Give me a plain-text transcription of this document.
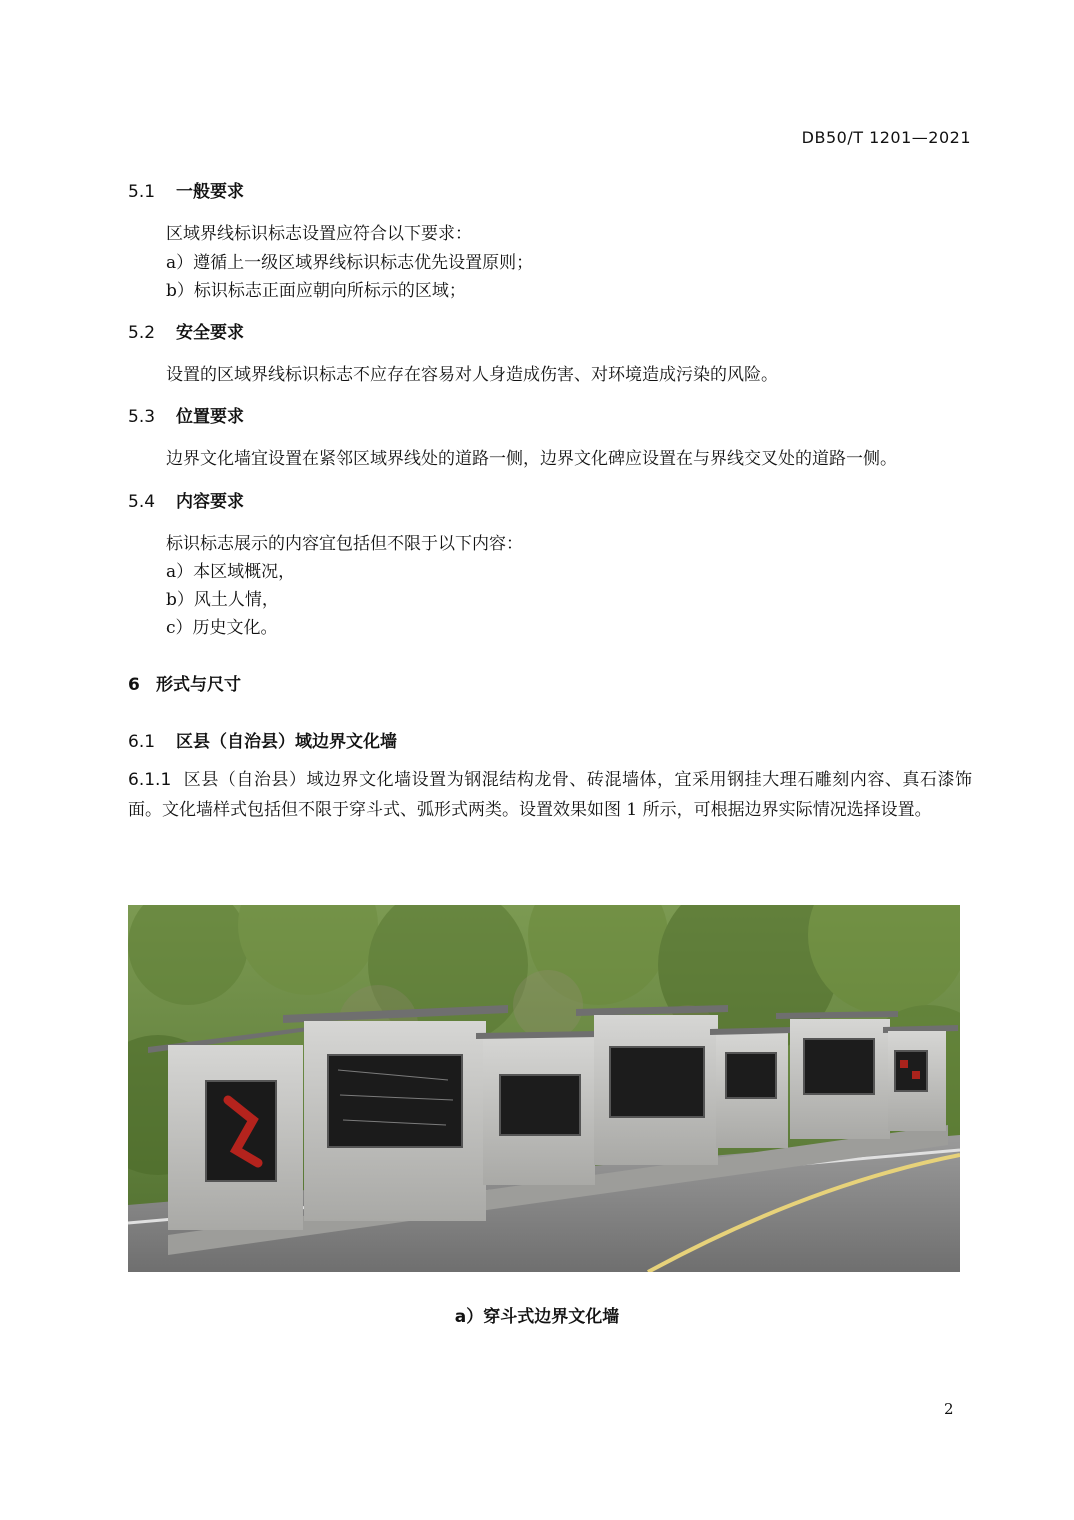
DB50/T 1201—2021
5.1 一般要求
区域界线标识标志设置应符合以下要求：
a）遵循上一级区域界线标识标志优先设置原则；
b）标识标志正面应朝向所标示的区域；
5.2 安全要求
设置的区域界线标识标志不应存在容易对人身造成伤害、对环境造成污染的风险。
5.3 位置要求
边界文化墙宜设置在紧邻区域界线处的道路一侧，边界文化碑应设置在与界线交叉处的道路一侧。
5.4 内容要求
标识标志展示的内容宜包括但不限于以下内容：
a）本区域概况，
b）风土人情，
c）历史文化。
6 形式与尺寸
6.1 区县（自治县）域边界文化墙
6.1.1 区县（自治县）域边界文化墙设置为钢混结构龙骨、砖混墙体，宜采用钢挂大理石雕刻内容、真石漆饰面。文化墙样式包括但不限于穿斗式、弧形式两类。设置效果如图 1 所示，可根据边界实际情况选择设置。
a）穿斗式边界文化墙
2
